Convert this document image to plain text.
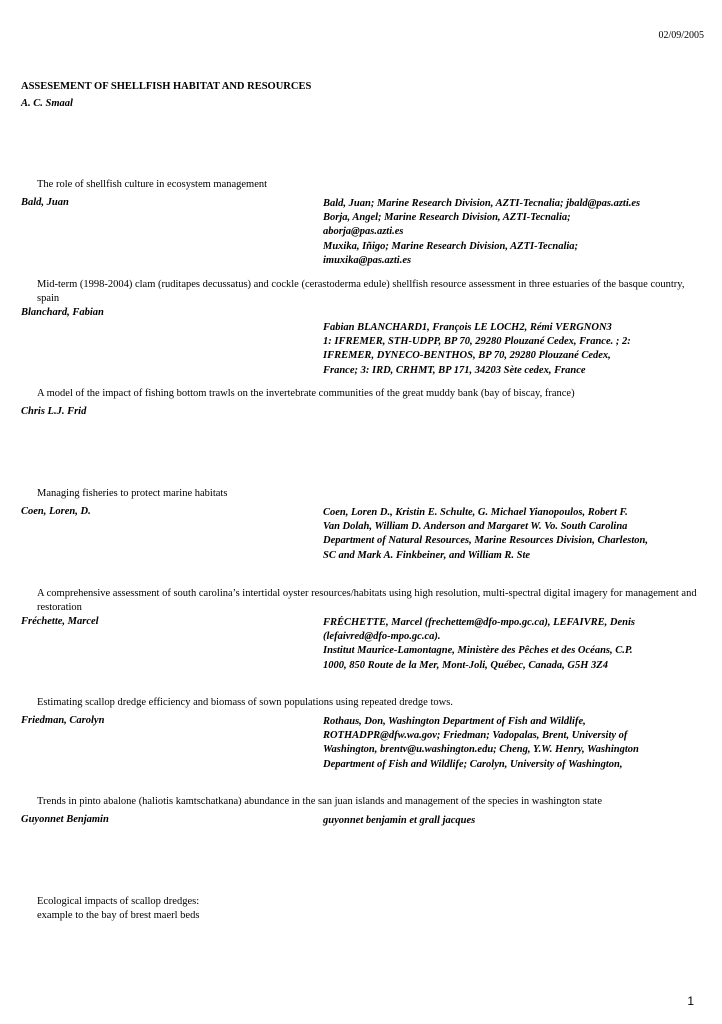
02/09/2005
ASSESEMENT OF SHELLFISH HABITAT AND RESOURCES
A. C. Smaal
The role of shellfish culture in ecosystem management
Bald, Juan	Bald, Juan; Marine Research Division, AZTI-Tecnalia; jbald@pas.azti.es
Borja, Angel; Marine Research Division, AZTI-Tecnalia;
aborja@pas.azti.es
Muxika, Iñigo; Marine Research Division, AZTI-Tecnalia;
imuxika@pas.azti.es
Mid-term (1998-2004) clam (ruditapes decussatus) and cockle (cerastoderma edule) shellfish resource assessment in three estuaries of the basque country,
spain
Blanchard, Fabian
Fabian BLANCHARD1, François LE LOCH2, Rémi VERGNON3
1: IFREMER, STH-UDPP, BP 70, 29280 Plouzané Cedex, France. ; 2:
IFREMER, DYNECO-BENTHOS, BP 70, 29280 Plouzané Cedex,
France; 3: IRD, CRHMT, BP 171, 34203 Sète cedex, France
A model of the impact of fishing bottom trawls on the invertebrate communities of the great muddy bank (bay of biscay, france)
Chris L.J. Frid
Managing fisheries to protect marine habitats
Coen, Loren, D.	Coen, Loren D., Kristin E. Schulte, G. Michael Yianopoulos, Robert F.
Van Dolah, William D. Anderson and Margaret W. Vo. South Carolina
Department of Natural Resources, Marine Resources Division, Charleston,
SC and Mark A. Finkbeiner, and William R. Ste
A comprehensive assessment of south carolina’s intertidal oyster resources/habitats using high resolution, multi-spectral digital imagery for management and
restoration
Fréchette, Marcel	FRÉCHETTE, Marcel (frechettem@dfo-mpo.gc.ca), LEFAIVRE, Denis
(lefaivred@dfo-mpo.gc.ca).
Institut Maurice-Lamontagne, Ministère des Pêches et des Océans, C.P.
1000, 850 Route de la Mer, Mont-Joli, Québec, Canada, G5H 3Z4
Estimating scallop dredge efficiency and biomass of sown populations using repeated dredge tows.
Friedman, Carolyn	Rothaus, Don, Washington Department of Fish and Wildlife,
ROTHADPR@dfw.wa.gov; Friedman; Vadopalas, Brent, University of
Washington, brentv@u.washington.edu; Cheng, Y.W. Henry, Washington
Department of Fish and Wildlife; Carolyn, University of Washington,
Trends in pinto abalone (haliotis kamtschatkana) abundance in the san juan islands and management of the species in washington state
Guyonnet Benjamin	guyonnet benjamin et grall jacques
Ecological impacts of scallop dredges:
example to the bay of brest maerl beds
1
